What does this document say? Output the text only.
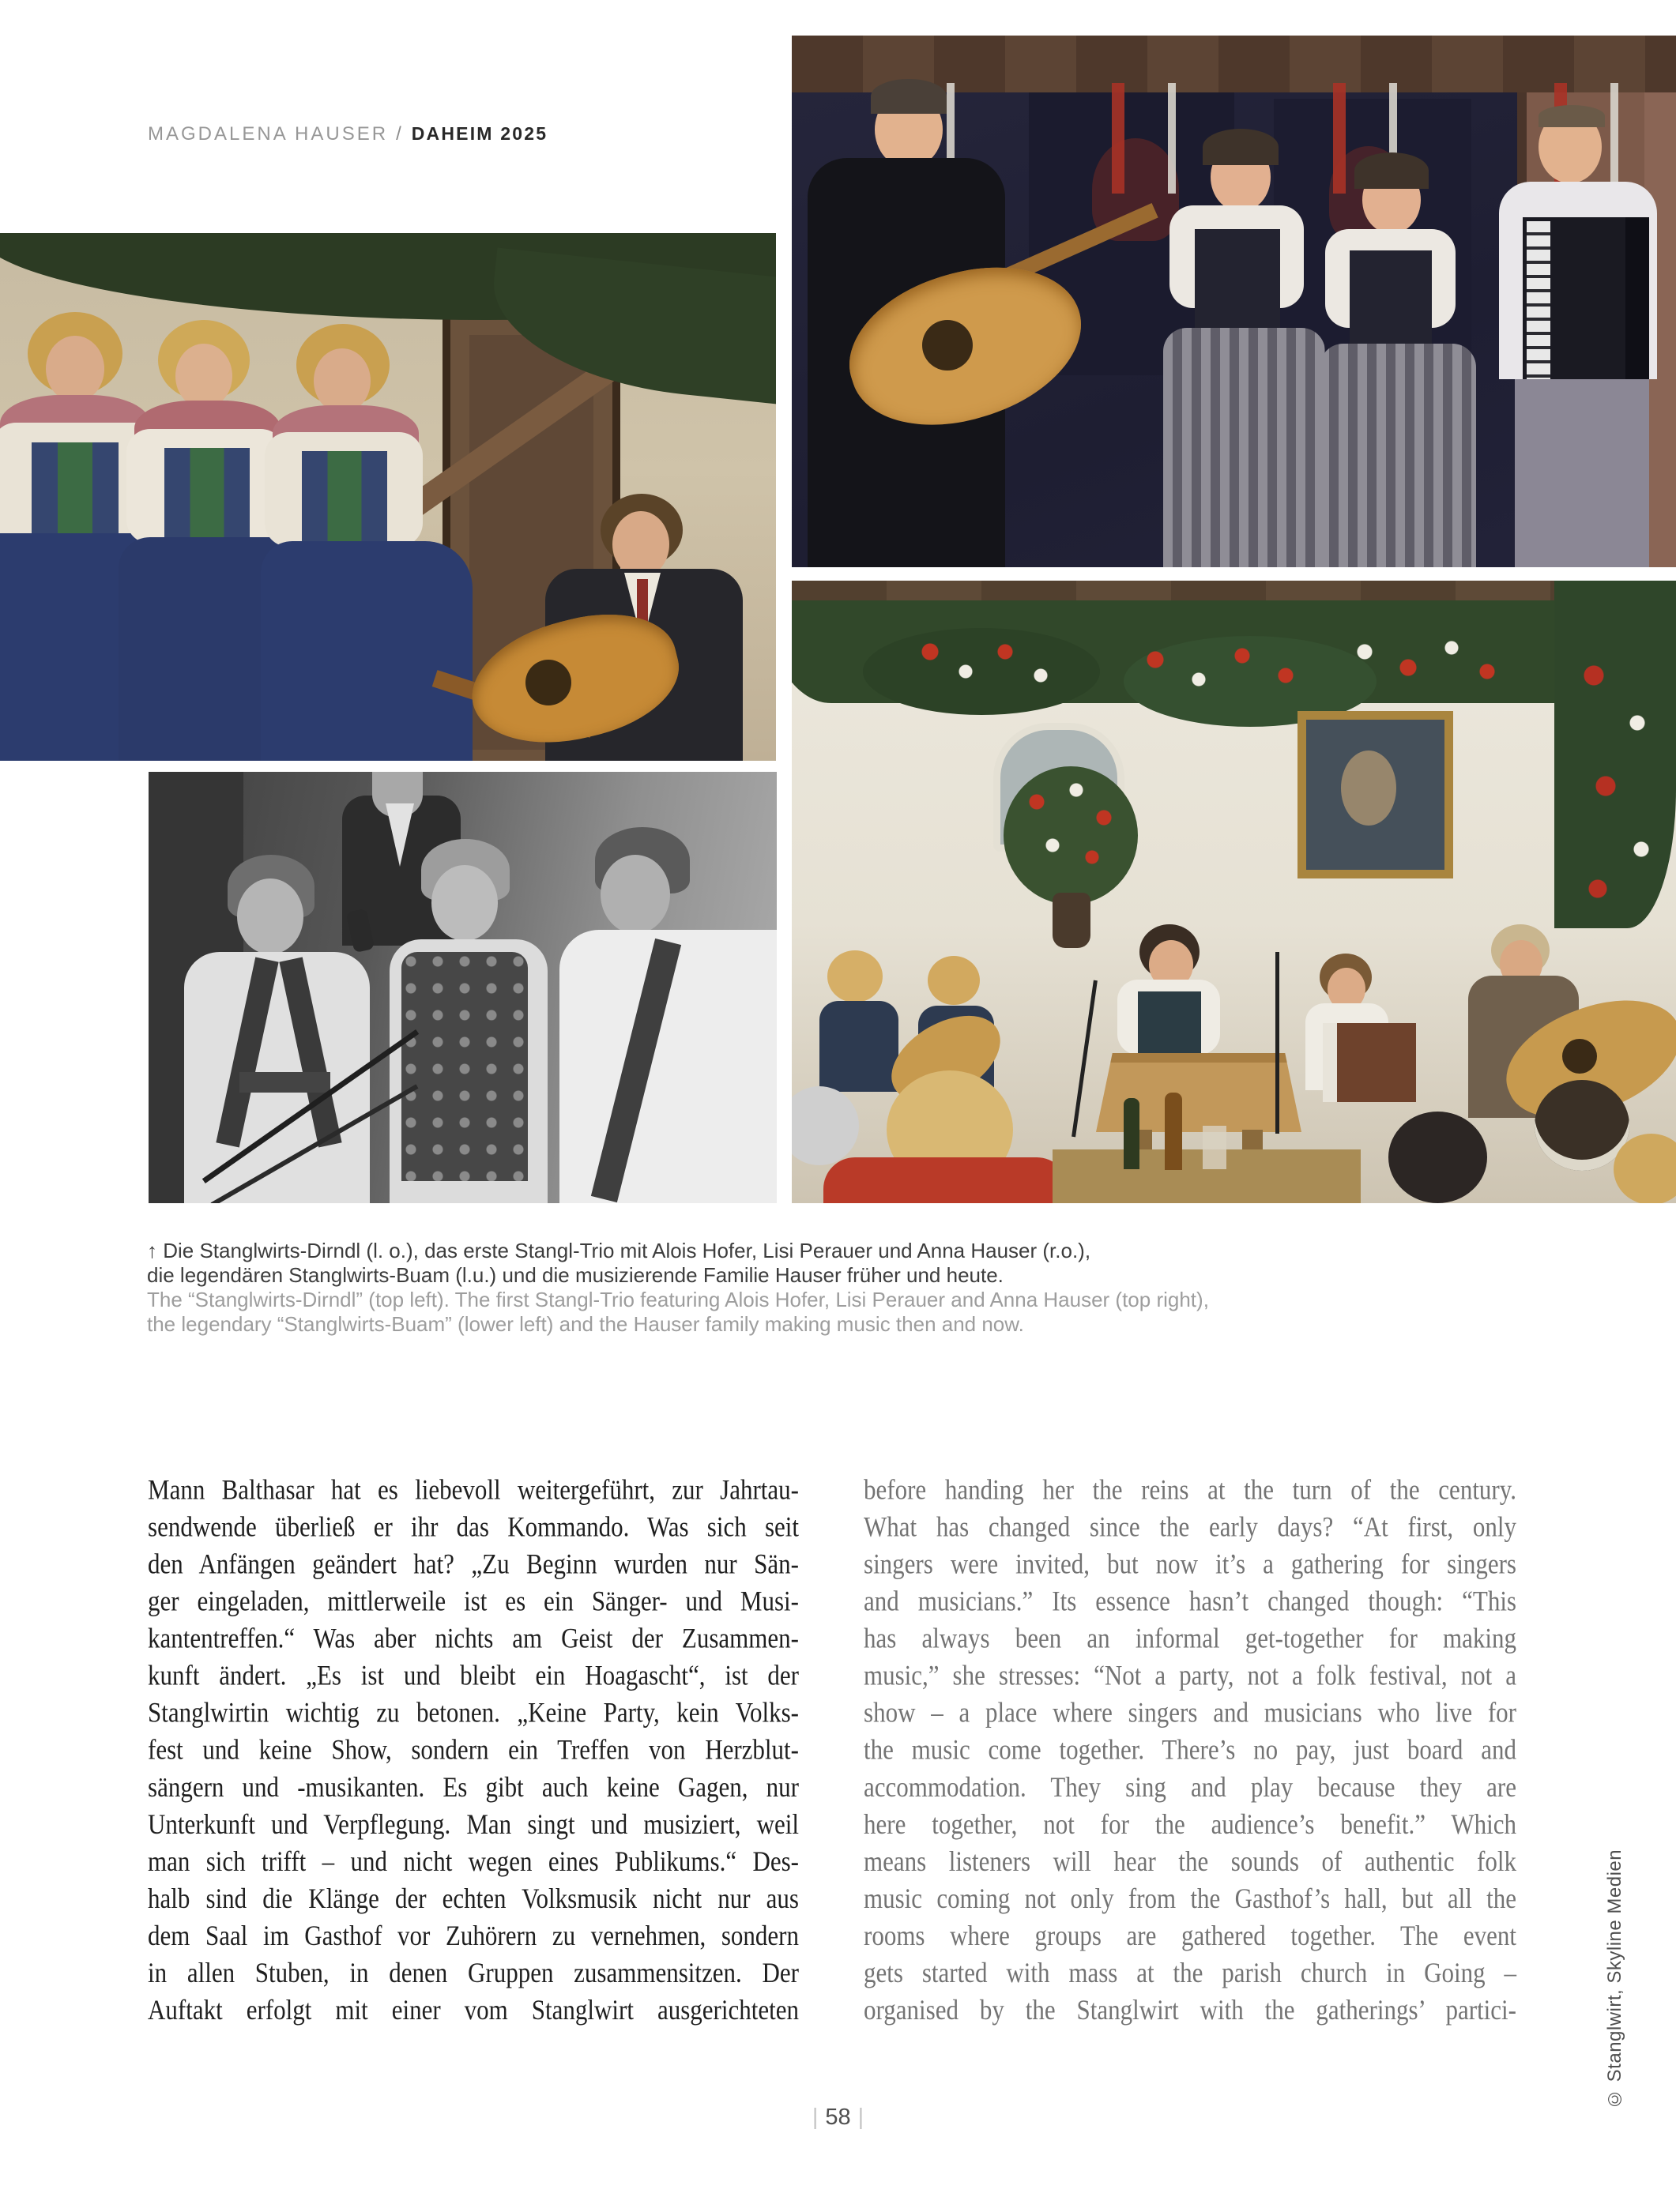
MAGDALENA HAUSER / DAHEIM 2025
↑ Die Stanglwirts-Dirndl (l. o.), das erste Stangl-Trio mit Alois Hofer, Lisi Perauer und Anna Hauser (r.o.),
die legendären Stanglwirts-Buam (l.u.) und die musizierende Familie Hauser früher und heute.
The “Stanglwirts-Dirndl” (top left). The first Stangl-Trio featuring Alois Hofer, Lisi Perauer and Anna Hauser (top right),
the legendary “Stanglwirts-Buam” (lower left) and the Hauser family making music then and now.
Mann Balthasar hat es liebevoll weitergeführt, zur Jahrtau-
sendwende überließ er ihr das Kommando. Was sich seit
den Anfängen geändert hat? „Zu Beginn wurden nur Sän-
ger eingeladen, mittlerweile ist es ein Sänger- und Musi-
kantentreffen.“ Was aber nichts am Geist der Zusammen-
kunft ändert. „Es ist und bleibt ein Hoagascht“, ist der
Stanglwirtin wichtig zu betonen. „Keine Party, kein Volks-
fest und keine Show, sondern ein Treffen von Herzblut-
sängern und -musikanten. Es gibt auch keine Gagen, nur
Unterkunft und Verpflegung. Man singt und musiziert, weil
man sich trifft – und nicht wegen eines Publikums.“ Des-
halb sind die Klänge der echten Volksmusik nicht nur aus
dem Saal im Gasthof vor Zuhörern zu vernehmen, sondern
in allen Stuben, in denen Gruppen zusammensitzen. Der
Auftakt erfolgt mit einer vom Stanglwirt ausgerichteten
before handing her the reins at the turn of the century.
What has changed since the early days? “At first, only
singers were invited, but now it’s a gathering for singers
and musicians.” Its essence hasn’t changed though: “This
has always been an informal get-together for making
music,” she stresses: “Not a party, not a folk festival, not a
show – a place where singers and musicians who live for
the music come together. There’s no pay, just board and
accommodation. They sing and play because they are
here together, not for the audience’s benefit.” Which
means listeners will hear the sounds of authentic folk
music coming not only from the Gasthof’s hall, but all the
rooms where groups are gathered together. The event
gets started with mass at the parish church in Going –
organised by the Stanglwirt with the gatherings’ partici-	© Stanglwirt, Skyline Medien
| 58 |
